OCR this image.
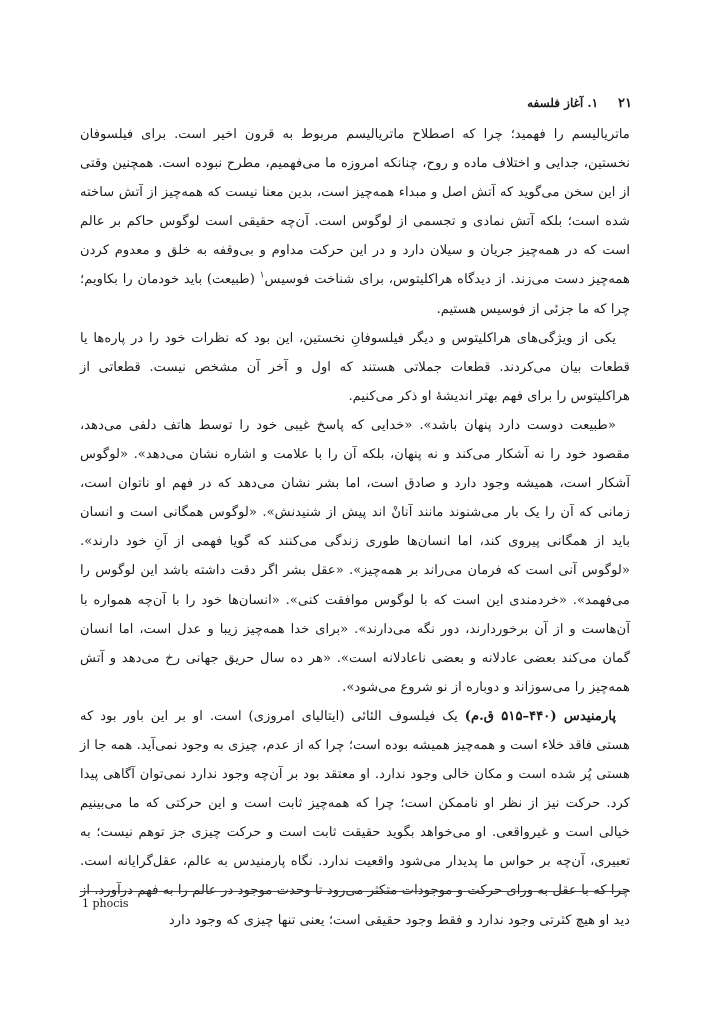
۲۱
۱. آغاز فلسفه

ماتریالیسم را فهمید؛ چرا که اصطلاح ماتریالیسم مربوط به قرون اخیر است. برای فیلسوفان نخستین، جدایی و اختلاف ماده و روح، چنانکه امروزه ما می‌فهمیم، مطرح نبوده است. همچنین وقتی از این سخن می‌گوید که آتش اصل و مبداء همه‌چیز است، بدین معنا نیست که همه‌چیز از آتش ساخته شده است؛ بلکه آتش نمادی و تجسمی از لوگوس است. آن‌چه حقیقی است لوگوس حاکم بر عالم است که در همه‌چیز جریان و سیلان دارد و در این حرکت مداوم و بی‌وقفه به خلق و معدوم کردن همه‌چیز دست می‌زند. از دیدگاه هراکلیتوس، برای شناخت فوسیس$^۱$ (طبیعت) باید خودمان را بکاویم؛ چرا که ما جزئی از فوسیس هستیم.

یکی از ویژگی‌های هراکلیتوس و دیگر فیلسوفانِ نخستین، این بود که نظرات خود را در پاره‌ها یا قطعات بیان می‌کردند. قطعات جملاتی هستند که اول و آخر آن مشخص نیست. قطعاتی از هراکلیتوس را برای فهم بهتر اندیشهٔ او ذکر می‌کنیم.

«طبیعت دوست دارد پنهان باشد». «خدایی که پاسخ غیبی خود را توسط هاتف دلفی می‌دهد، مقصود خود را نه آشکار می‌کند و نه پنهان، بلکه آن را با علامت و اشاره نشان می‌دهد». «لوگوس آشکار است، همیشه وجود دارد و صادق است، اما بشر نشان می‌دهد که در فهم او ناتوان است، زمانی که آن را یک بار می‌شنوند مانند آنانْ اند پیش از شنیدنش». «لوگوس همگانی است و انسان باید از همگانی پیروی کند، اما انسان‌ها طوری زندگی می‌کنند که گویا فهمی از آنِ خود دارند». «لوگوس آنی است که فرمان می‌راند بر همه‌چیز». «عقل بشر اگر دقت داشته باشد این لوگوس را می‌فهمد». «خردمندی این است که با لوگوس موافقت کنی». «انسان‌ها خود را با آن‌چه همواره با آن‌هاست و از آن برخوردارند، دور نگه می‌دارند». «برای خدا همه‌چیز زیبا و عدل است، اما انسان گمان می‌کند بعضی عادلانه و بعضی ناعادلانه است». «هر ده سال حریق جهانی رخ می‌دهد و آتش همه‌چیز را می‌سوزاند و دوباره از نو شروع می‌شود».

پارمنیدس (۴۴۰–۵۱۵ ق.م) یک فیلسوف الئائی (ایتالیای امروزی) است. او بر این باور بود که هستی فاقد خلاء است و همه‌چیز همیشه بوده است؛ چرا که از عدم، چیزی به وجود نمی‌آید. همه جا از هستی پُر شده است و مکان خالی وجود ندارد. او معتقد بود بر آن‌چه وجود ندارد نمی‌توان آگاهی پیدا کرد. حرکت نیز از نظر او ناممکن است؛ چرا که همه‌چیز ثابت است و این حرکتی که ما می‌بینیم خیالی است و غیرواقعی. او می‌خواهد بگوید حقیقت ثابت است و حرکت چیزی جز توهم نیست؛ به تعبیری، آن‌چه بر حواس ما پدیدار می‌شود واقعیت ندارد. نگاه پارمنیدس به عالم، عقل‌گرایانه است. چرا که با عقل به ورای حرکت و موجودات متکثر می‌رود تا وحدت موجود در عالم را به فهم درآورد. از دید او هیچ کثرتی وجود ندارد و فقط وجود حقیقی است؛ یعنی تنها چیزی که وجود دارد

1 phocis
